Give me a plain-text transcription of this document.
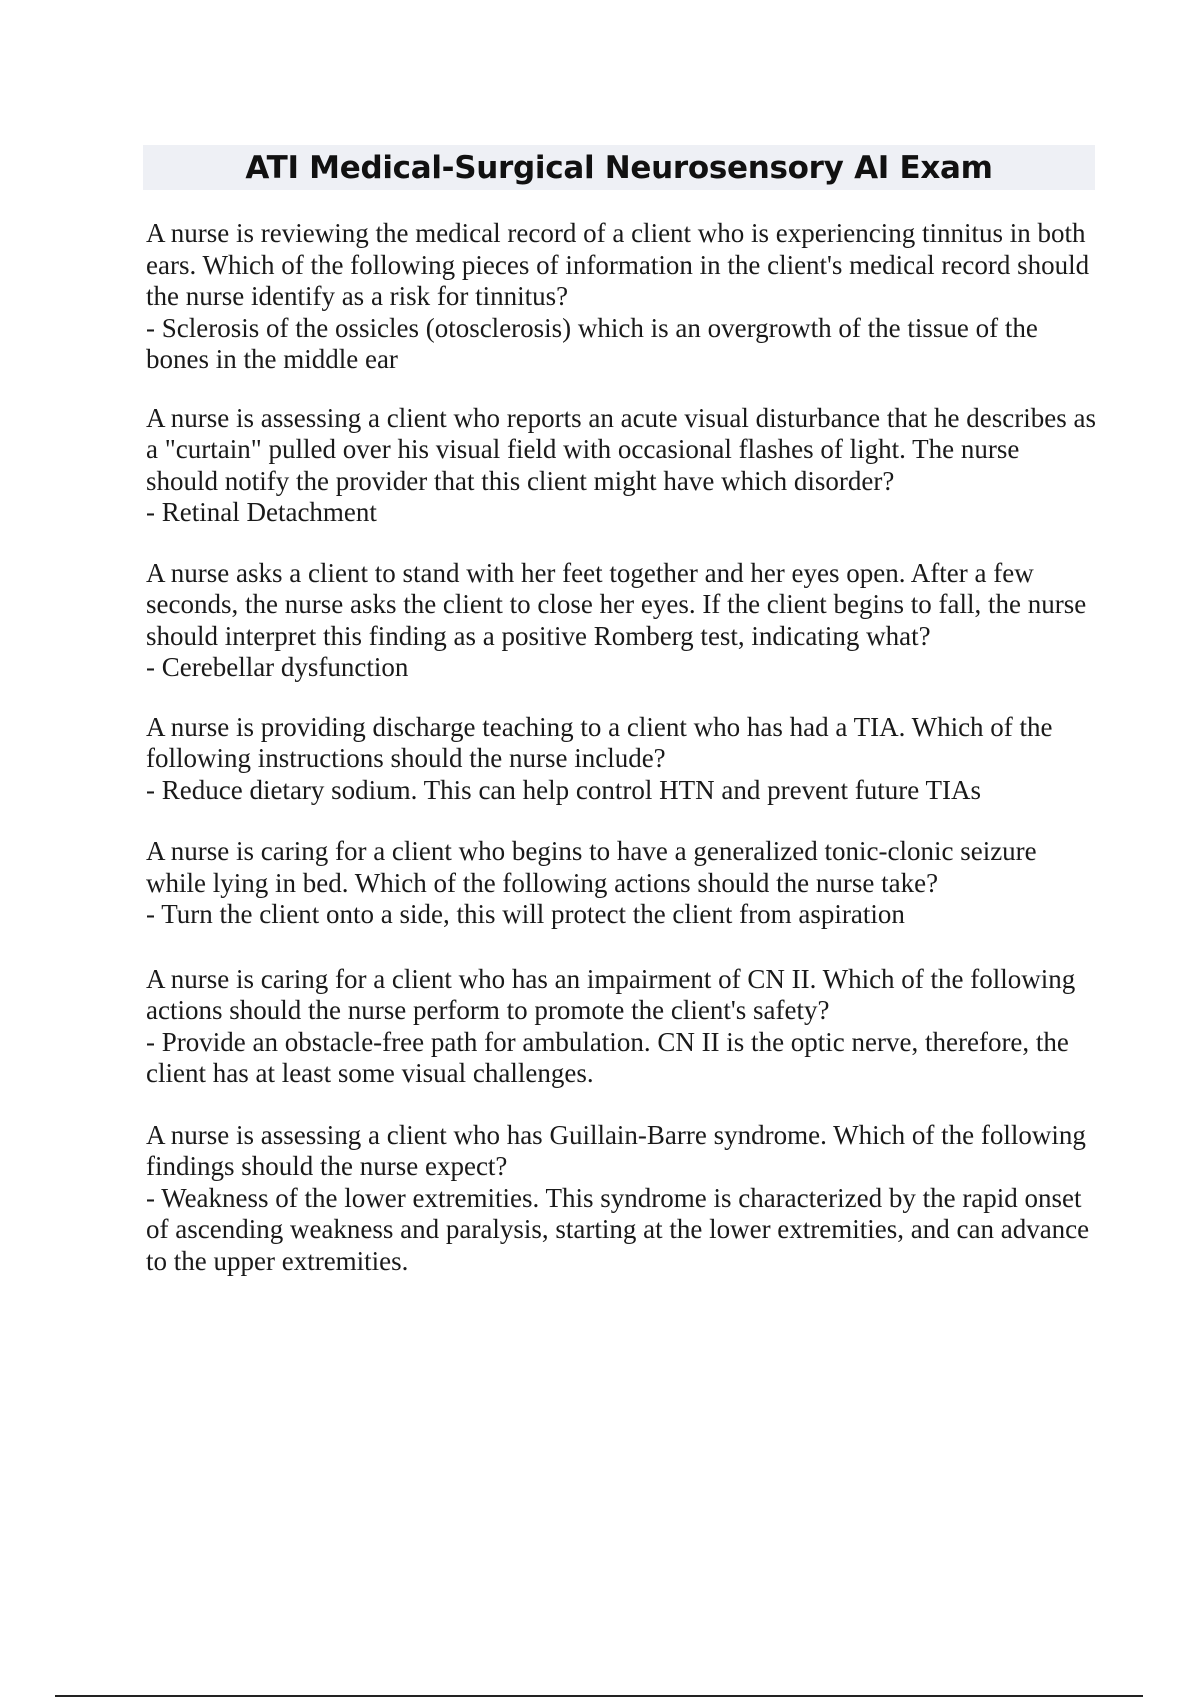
ATI Medical-Surgical Neurosensory AI Exam

A nurse is reviewing the medical record of a client who is experiencing tinnitus in both ears. Which of the following pieces of information in the client's medical record should the nurse identify as a risk for tinnitus?

- Sclerosis of the ossicles (otosclerosis) which is an overgrowth of the tissue of the bones in the middle ear

A nurse is assessing a client who reports an acute visual disturbance that he describes as a "curtain" pulled over his visual field with occasional flashes of light. The nurse should notify the provider that this client might have which disorder?

- Retinal Detachment

A nurse asks a client to stand with her feet together and her eyes open. After a few seconds, the nurse asks the client to close her eyes. If the client begins to fall, the nurse should interpret this finding as a positive Romberg test, indicating what?

- Cerebellar dysfunction

A nurse is providing discharge teaching to a client who has had a TIA. Which of the following instructions should the nurse include?

- Reduce dietary sodium. This can help control HTN and prevent future TIAs

A nurse is caring for a client who begins to have a generalized tonic-clonic seizure while lying in bed. Which of the following actions should the nurse take?

- Turn the client onto a side, this will protect the client from aspiration

A nurse is caring for a client who has an impairment of CN II. Which of the following actions should the nurse perform to promote the client's safety?

- Provide an obstacle-free path for ambulation. CN II is the optic nerve, therefore, the client has at least some visual challenges.

A nurse is assessing a client who has Guillain-Barre syndrome. Which of the following findings should the nurse expect?

- Weakness of the lower extremities. This syndrome is characterized by the rapid onset of ascending weakness and paralysis, starting at the lower extremities, and can advance to the upper extremities.
